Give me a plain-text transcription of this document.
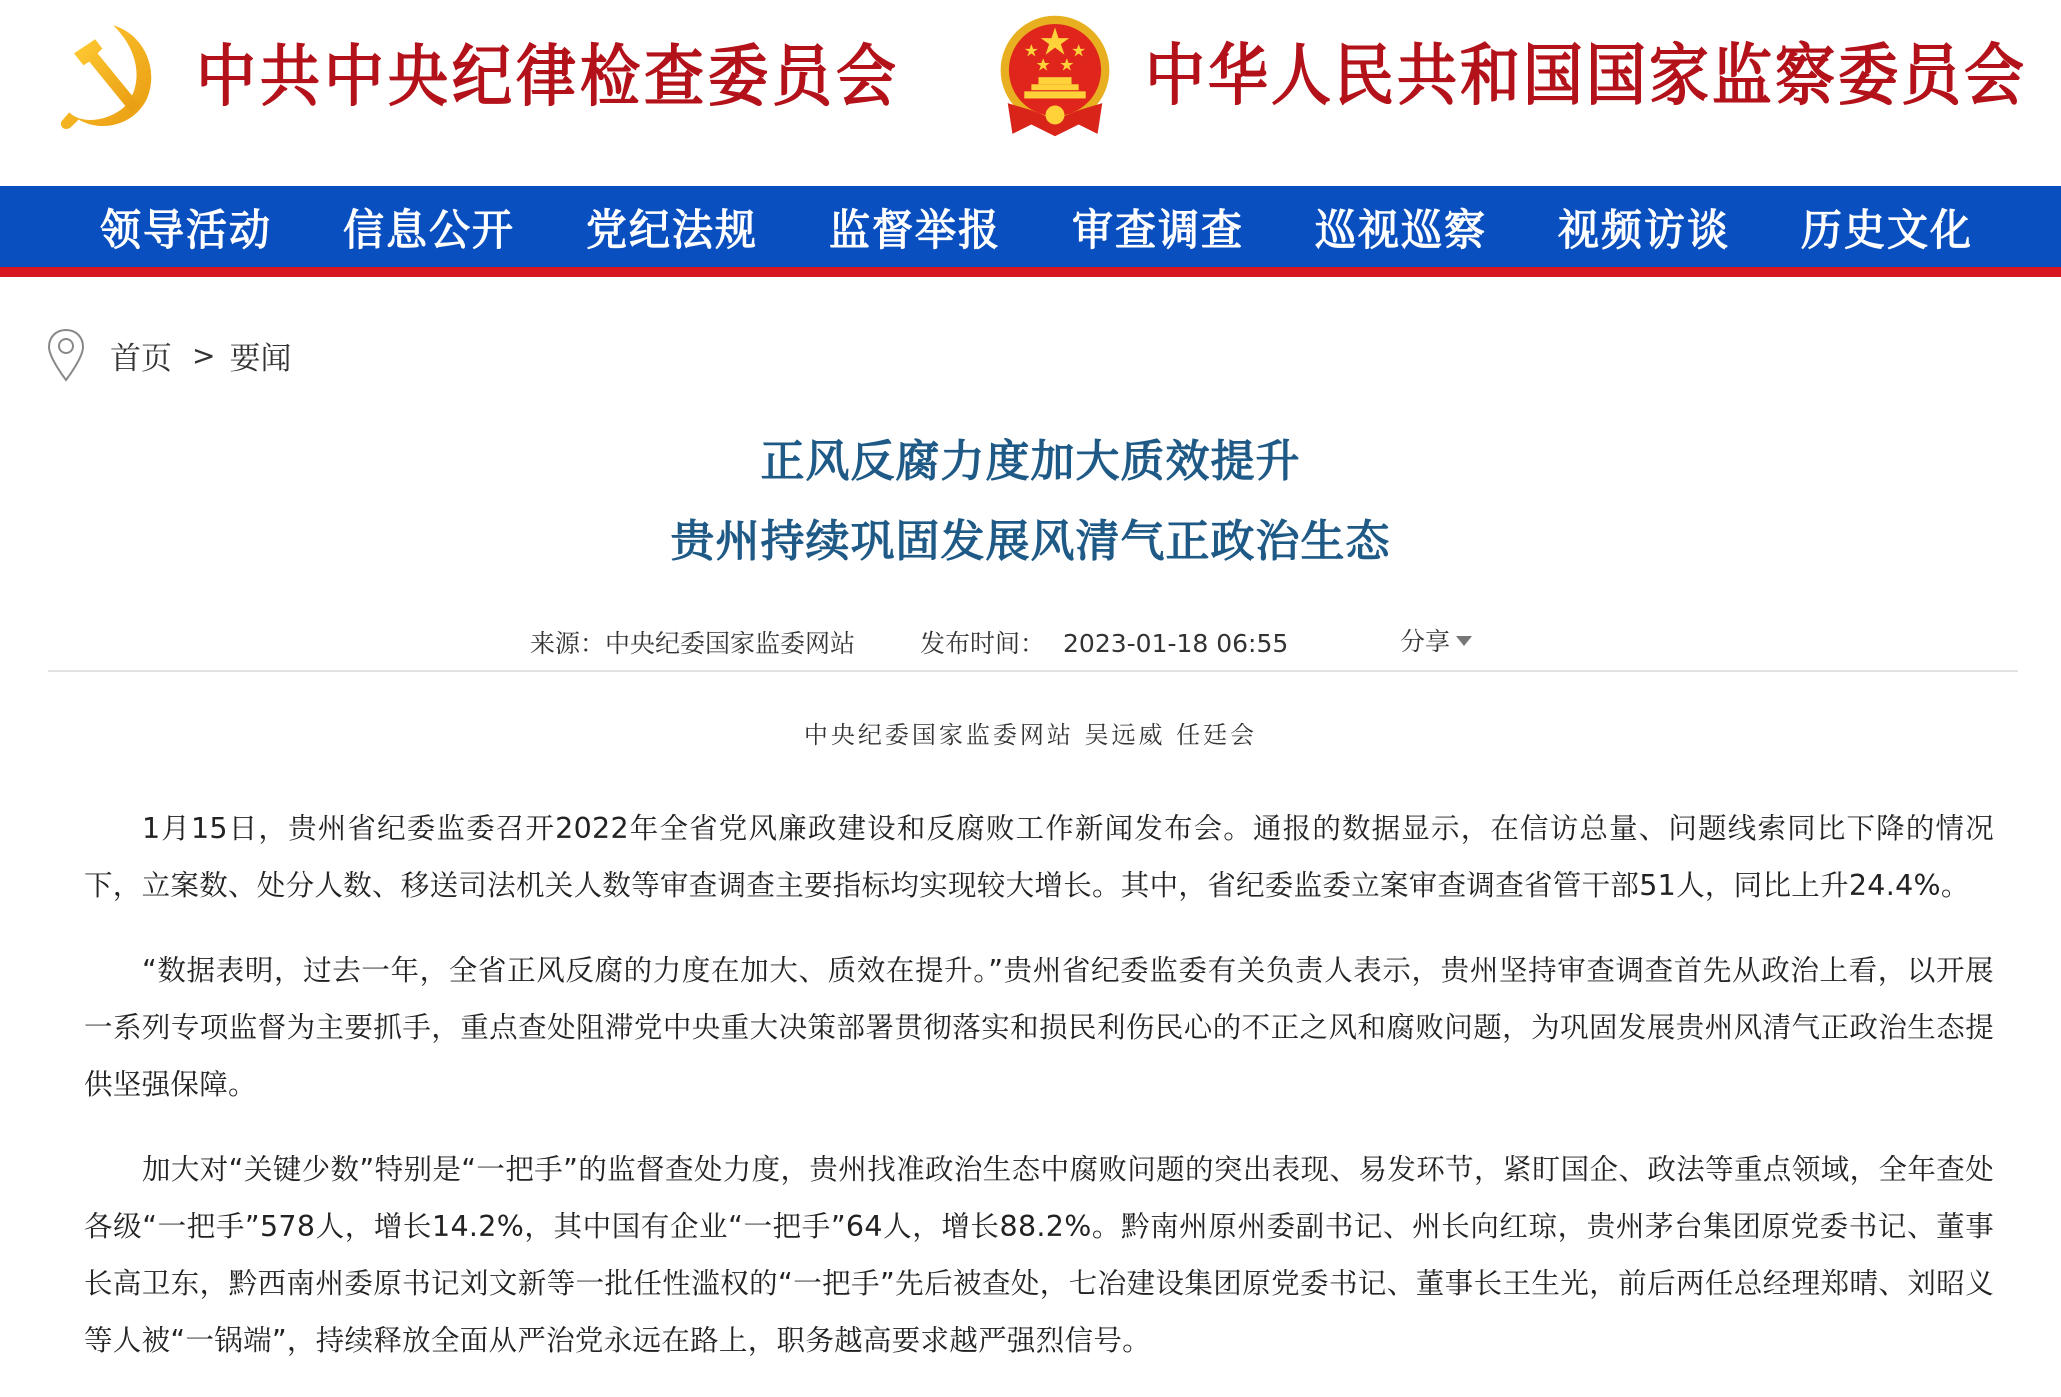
中共中央纪律检查委员会	中华人民共和国国家监察委员会
领导活动 信息公开 党纪法规 监督举报 审查调查 巡视巡察 视频访谈 历史文化
首页 > 要闻
正风反腐力度加大质效提升
贵州持续巩固发展风清气正政治生态
来源：中央纪委国家监委网站	发布时间： 2023-01-18 06:55	分享
中央纪委国家监委网站 吴远威 任廷会

1月15日，贵州省纪委监委召开2022年全省党风廉政建设和反腐败工作新闻发布会。通报的数据显示，在信访总量、问题线索同比下降的情况下，立案数、处分人数、移送司法机关人数等审查调查主要指标均实现较大增长。其中，省纪委监委立案审查调查省管干部51人，同比上升24.4%。

“数据表明，过去一年，全省正风反腐的力度在加大、质效在提升。”贵州省纪委监委有关负责人表示，贵州坚持审查调查首先从政治上看，以开展一系列专项监督为主要抓手，重点查处阻滞党中央重大决策部署贯彻落实和损民利伤民心的不正之风和腐败问题，为巩固发展贵州风清气正政治生态提供坚强保障。

加大对“关键少数”特别是“一把手”的监督查处力度，贵州找准政治生态中腐败问题的突出表现、易发环节，紧盯国企、政法等重点领域，全年查处各级“一把手”578人，增长14.2%，其中国有企业“一把手”64人，增长88.2%。黔南州原州委副书记、州长向红琼，贵州茅台集团原党委书记、董事长高卫东，黔西南州委原书记刘文新等一批任性滥权的“一把手”先后被查处，七冶建设集团原党委书记、董事长王生光，前后两任总经理郑晴、刘昭义等人被“一锅端”，持续释放全面从严治党永远在路上，职务越高要求越严强烈信号。
